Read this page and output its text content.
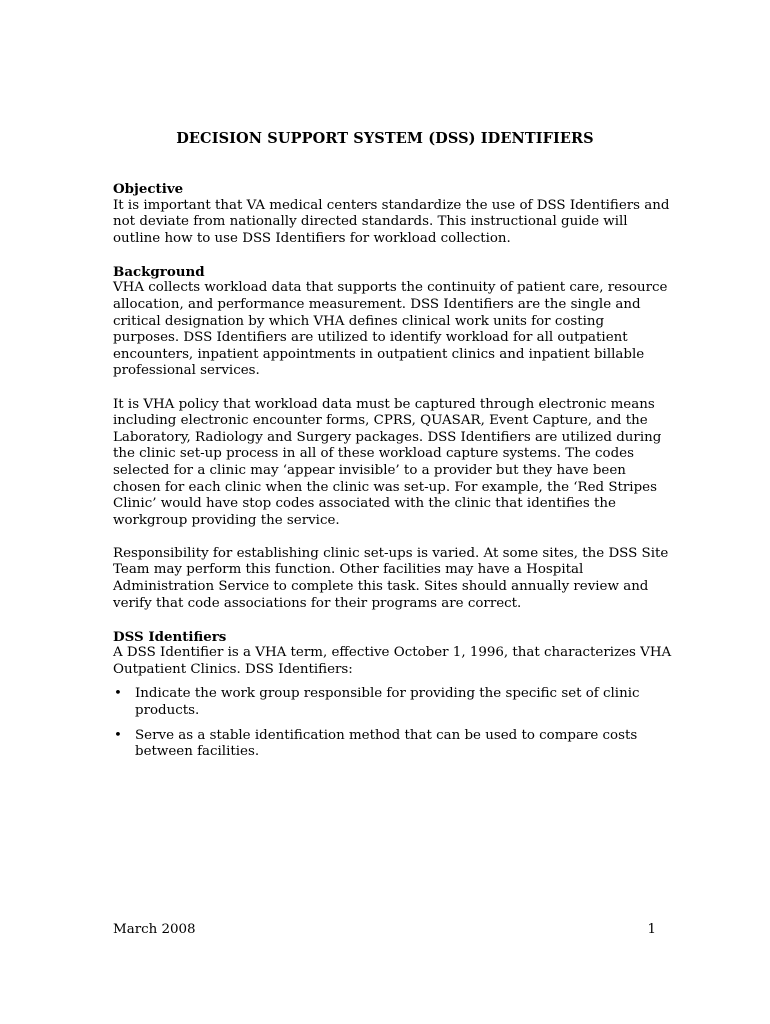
DECISION SUPPORT SYSTEM (DSS) IDENTIFIERS
Objective
It is important that VA medical centers standardize the use of DSS Identifiers and not deviate from nationally directed standards. This instructional guide will outline how to use DSS Identifiers for workload collection.
Background

VHA collects workload data that supports the continuity of patient care, resource allocation, and performance measurement. DSS Identifiers are the single and critical designation by which VHA defines clinical work units for costing purposes. DSS Identifiers are utilized to identify workload for all outpatient encounters, inpatient appointments in outpatient clinics and inpatient billable professional services.

It is VHA policy that workload data must be captured through electronic means including electronic encounter forms, CPRS, QUASAR, Event Capture, and the Laboratory, Radiology and Surgery packages. DSS Identifiers are utilized during the clinic set-up process in all of these workload capture systems. The codes selected for a clinic may ‘appear invisible’ to a provider but they have been chosen for each clinic when the clinic was set-up. For example, the ‘Red Stripes Clinic’ would have stop codes associated with the clinic that identifies the workgroup providing the service.

Responsibility for establishing clinic set-ups is varied. At some sites, the DSS Site Team may perform this function. Other facilities may have a Hospital Administration Service to complete this task. Sites should annually review and verify that code associations for their programs are correct.

DSS Identifiers
A DSS Identifier is a VHA term, effective October 1, 1996, that characterizes VHA Outpatient Clinics. DSS Identifiers:
• Indicate the work group responsible for providing the specific set of clinic products.
• Serve as a stable identification method that can be used to compare costs between facilities.
March 2008	1
